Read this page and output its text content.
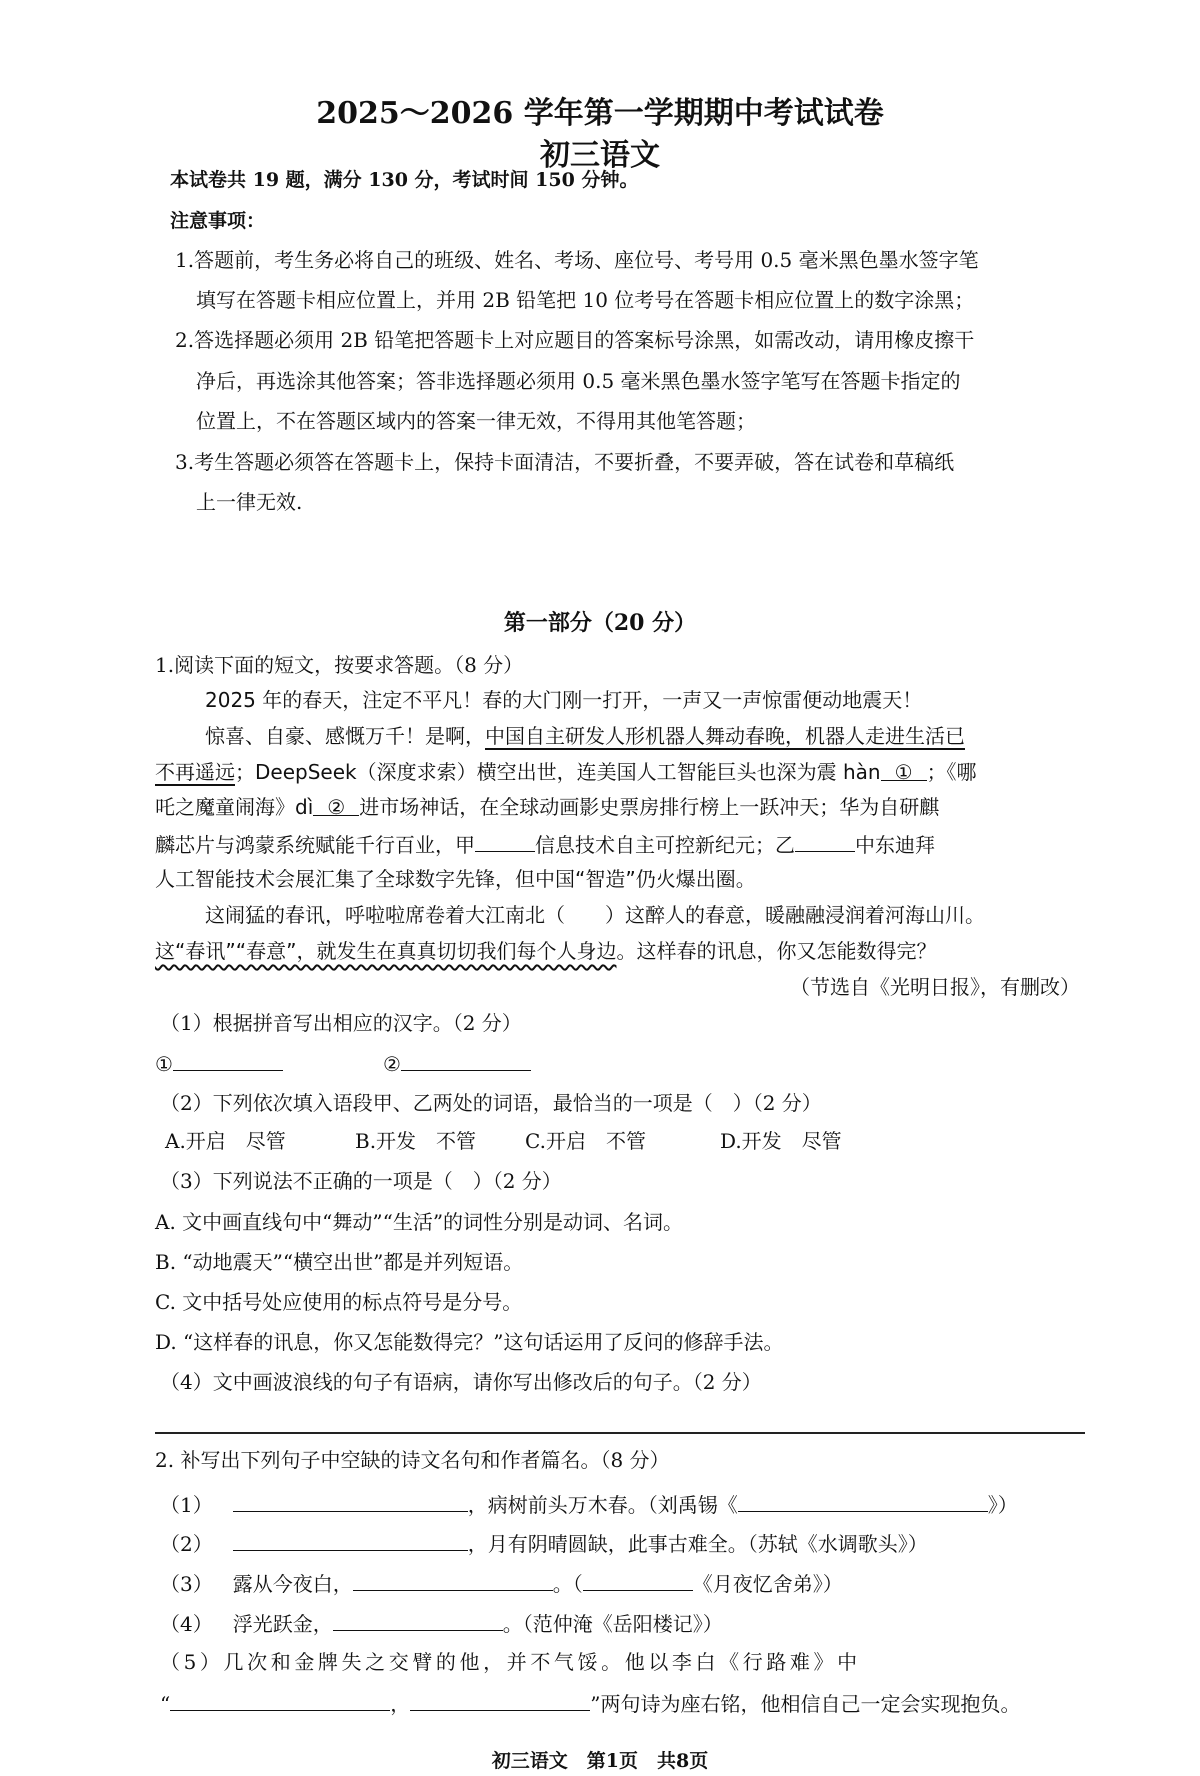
2025～2026 学年第一学期期中考试试卷
初三语文
本试卷共 19 题，满分 130 分，考试时间 150 分钟。
注意事项：
1.答题前，考生务必将自己的班级、姓名、考场、座位号、考号用 0.5 毫米黑色墨水签字笔
填写在答题卡相应位置上，并用 2B 铅笔把 10 位考号在答题卡相应位置上的数字涂黑；
2.答选择题必须用 2B 铅笔把答题卡上对应题目的答案标号涂黑，如需改动，请用橡皮擦干
净后，再选涂其他答案；答非选择题必须用 0.5 毫米黑色墨水签字笔写在答题卡指定的
位置上，不在答题区域内的答案一律无效，不得用其他笔答题；
3.考生答题必须答在答题卡上，保持卡面清洁，不要折叠，不要弄破，答在试卷和草稿纸
上一律无效.
第一部分（20 分）
1.阅读下面的短文，按要求答题。（8 分）
2025 年的春天，注定不平凡！春的大门刚一打开，一声又一声惊雷便动地震天！
惊喜、自豪、感慨万千！是啊，中国自主研发人形机器人舞动春晚，机器人走进生活已
不再遥远；DeepSeek（深度求索）横空出世，连美国人工智能巨头也深为震 hàn ① ；《哪
吒之魔童闹海》dì ② 进市场神话，在全球动画影史票房排行榜上一跃冲天；华为自研麒
麟芯片与鸿蒙系统赋能千行百业，甲	信息技术自主可控新纪元；乙	中东迪拜
人工智能技术会展汇集了全球数字先锋，但中国“智造”仍火爆出圈。
这闹猛的春讯，呼啦啦席卷着大江南北（　　）这醉人的春意，暖融融浸润着河海山川。
这“春讯”“春意”，就发生在真真切切我们每个人身边。这样春的讯息，你又怎能数得完？
（节选自《光明日报》，有删改）
（1）根据拼音写出相应的汉字。（2 分）
①	②
（2）下列依次填入语段甲、乙两处的词语，最恰当的一项是（　）（2 分）
A.开启　尽管	B.开发　不管 C.开启　不管	D.开发　尽管
（3）下列说法不正确的一项是（　）（2 分）
A. 文中画直线句中“舞动”“生活”的词性分别是动词、名词。
B. “动地震天”“横空出世”都是并列短语。
C. 文中括号处应使用的标点符号是分号。
D. “这样春的讯息，你又怎能数得完？”这句话运用了反问的修辞手法。
（4）文中画波浪线的句子有语病，请你写出修改后的句子。（2 分）
2. 补写出下列句子中空缺的诗文名句和作者篇名。（8 分）
（1）	，病树前头万木春。（刘禹锡《	》）
（2）	，月有阴晴圆缺，此事古难全。（苏轼《水调歌头》）
（3） 露从今夜白，	。（	《月夜忆舍弟》）
（4） 浮光跃金，	。（范仲淹《岳阳楼记》）
（5）几次和金牌失之交臂的他，并不气馁。他以李白《行路难》中
“	，	”两句诗为座右铭，他相信自己一定会实现抱负。
初三语文　第1页　共8页
